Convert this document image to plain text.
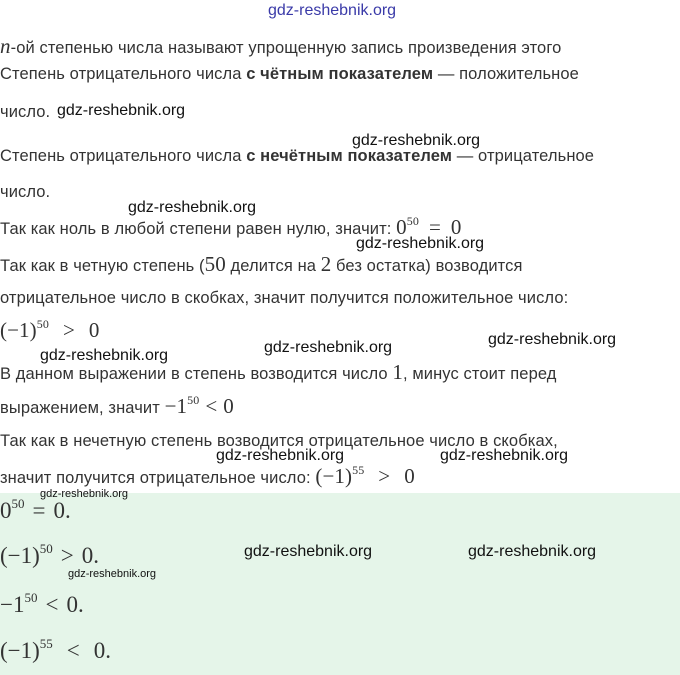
gdz-reshebnik.org
n-ой степенью числа называют упрощенную запись произведения этого
Степень отрицательного числа с чётным показателем — положительное
число.
Степень отрицательного числа с нечётным показателем — отрицательное
число.
Так как ноль в любой степени равен нулю, значит: $0^{50} = 0$
Так как в четную степень (50 делится на 2 без остатка) возводится
отрицательное число в скобках, значит получится положительное число:
$(-1)^{50} > 0$
В данном выражении в степень возводится число 1, минус стоит перед
выражением, значит $-1^{50} < 0$
Так как в нечетную степень возводится отрицательное число в скобках,
значит получится отрицательное число: $(-1)^{55} > 0$
$0^{50} = 0$.
$(-1)^{50} > 0$.
$-1^{50} < 0$.
$(-1)^{55} < 0$.
gdz-reshebnik.org
gdz-reshebnik.org
gdz-reshebnik.org
gdz-reshebnik.org
gdz-reshebnik.org
gdz-reshebnik.org
gdz-reshebnik.org
gdz-reshebnik.org	gdz-reshebnik.org
gdz-reshebnik.org
gdz-reshebnik.org	gdz-reshebnik.org
gdz-reshebnik.org
